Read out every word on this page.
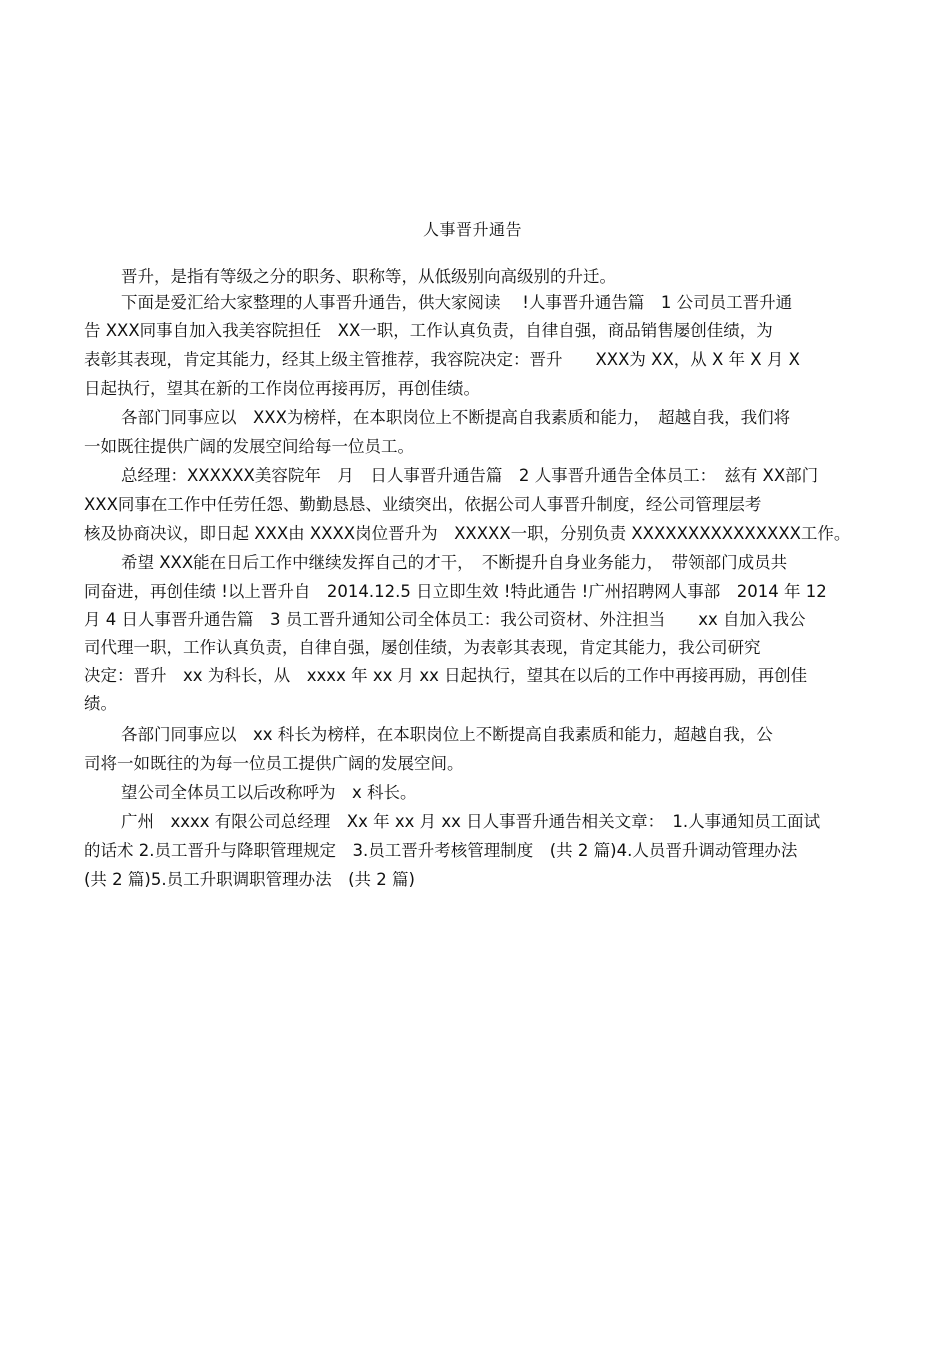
人事晋升通告
晋升，是指有等级之分的职务、职称等，从低级别向高级别的升迁。
下面是爱汇给大家整理的人事晋升通告，供大家阅读　 !人事晋升通告篇　1 公司员工晋升通
告 XXX同事自加入我美容院担任　XX一职，工作认真负责，自律自强，商品销售屡创佳绩，为
表彰其表现，肯定其能力，经其上级主管推荐，我容院决定：晋升　　XXX为 XX，从 X 年 X 月 X
日起执行，望其在新的工作岗位再接再厉，再创佳绩。
各部门同事应以　XXX为榜样，在本职岗位上不断提高自我素质和能力，　超越自我，我们将
一如既往提供广阔的发展空间给每一位员工。
总经理：XXXXXX美容院年　月　日人事晋升通告篇　2 人事晋升通告全体员工：　兹有 XX部门
XXX同事在工作中任劳任怨、勤勤恳恳、业绩突出，依据公司人事晋升制度，经公司管理层考
核及协商决议，即日起 XXX由 XXXX岗位晋升为　XXXXX一职，分别负责 XXXXXXXXXXXXXXX工作。
希望 XXX能在日后工作中继续发挥自己的才干，　不断提升自身业务能力，　带领部门成员共
同奋进，再创佳绩 !以上晋升自　2014.12.5 日立即生效 !特此通告 !广州招聘网人事部　2014 年 12
月 4 日人事晋升通告篇　3 员工晋升通知公司全体员工：我公司资材、外注担当　　xx 自加入我公
司代理一职，工作认真负责，自律自强，屡创佳绩，为表彰其表现，肯定其能力，我公司研究
决定：晋升　xx 为科长，从　xxxx 年 xx 月 xx 日起执行，望其在以后的工作中再接再励，再创佳
绩。
各部门同事应以　xx 科长为榜样，在本职岗位上不断提高自我素质和能力，超越自我，公
司将一如既往的为每一位员工提供广阔的发展空间。
望公司全体员工以后改称呼为　x 科长。
广州　xxxx 有限公司总经理　Xx 年 xx 月 xx 日人事晋升通告相关文章：　1.人事通知员工面试
的话术 2.员工晋升与降职管理规定　3.员工晋升考核管理制度　(共 2 篇)4.人员晋升调动管理办法
(共 2 篇)5.员工升职调职管理办法　(共 2 篇)
